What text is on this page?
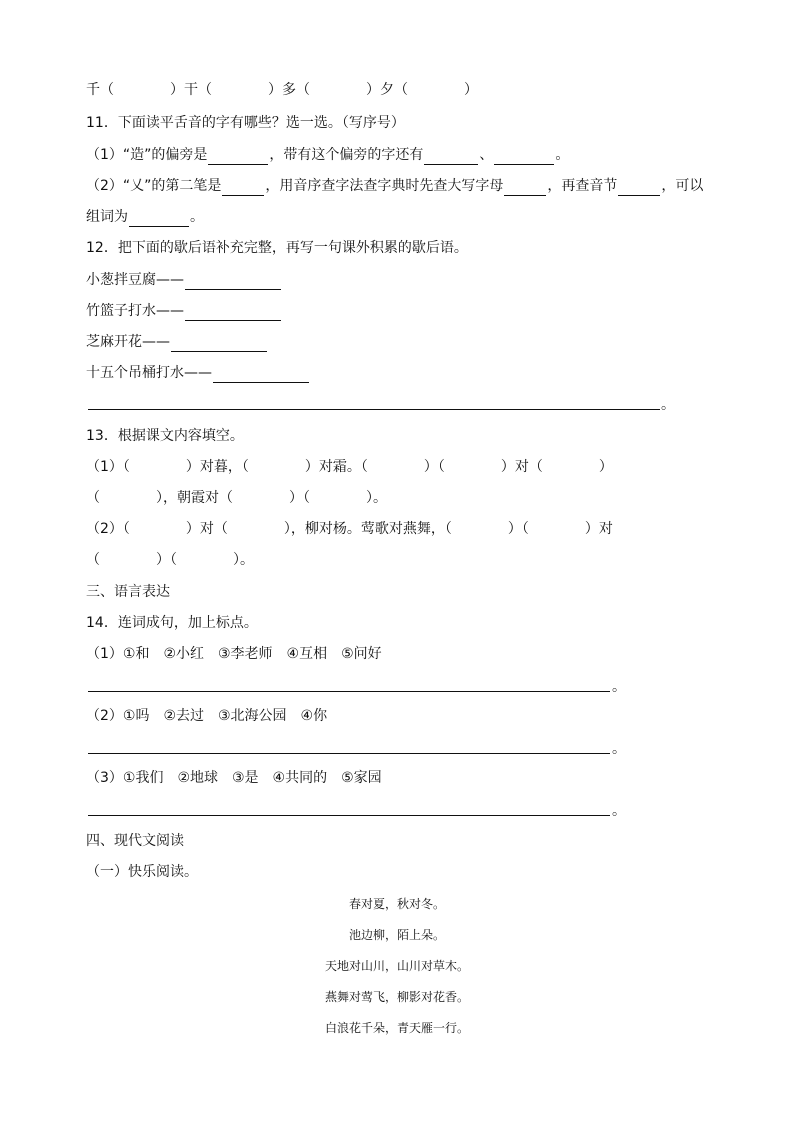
千（　　　　）干（　　　　）多（　　　　）夕（　　　　）
11．下面读平舌音的字有哪些？选一选。（写序号）
（1）“造”的偏旁是	，带有这个偏旁的字还有	、	。
（2）“乂”的第二笔是	，用音序查字法查字典时先查大写字母	，再查音节	，可以
组词为	。
12．把下面的歇后语补充完整，再写一句课外积累的歇后语。
小葱拌豆腐——
竹篮子打水——
芝麻开花——
十五个吊桶打水——
。
13．根据课文内容填空。
（1）（　　　　）对暮，（　　　　）对霜。（　　　　）（　　　　）对（　　　　）
（　　　　），朝霞对（　　　　）（　　　　）。
（2）（　　　　）对（　　　　），柳对杨。莺歌对燕舞，（　　　　）（　　　　）对
（　　　　）（　　　　）。
三、语言表达
14．连词成句，加上标点。
（1）①和　②小红　③李老师　④互相　⑤问好
。
（2）①吗　②去过　③北海公园　④你
。
（3）①我们　②地球　③是　④共同的　⑤家园
。
四、现代文阅读
（一）快乐阅读。
春对夏，秋对冬。
池边柳，陌上朵。
天地对山川，山川对草木。
燕舞对莺飞，柳影对花香。
白浪花千朵，青天雁一行。
